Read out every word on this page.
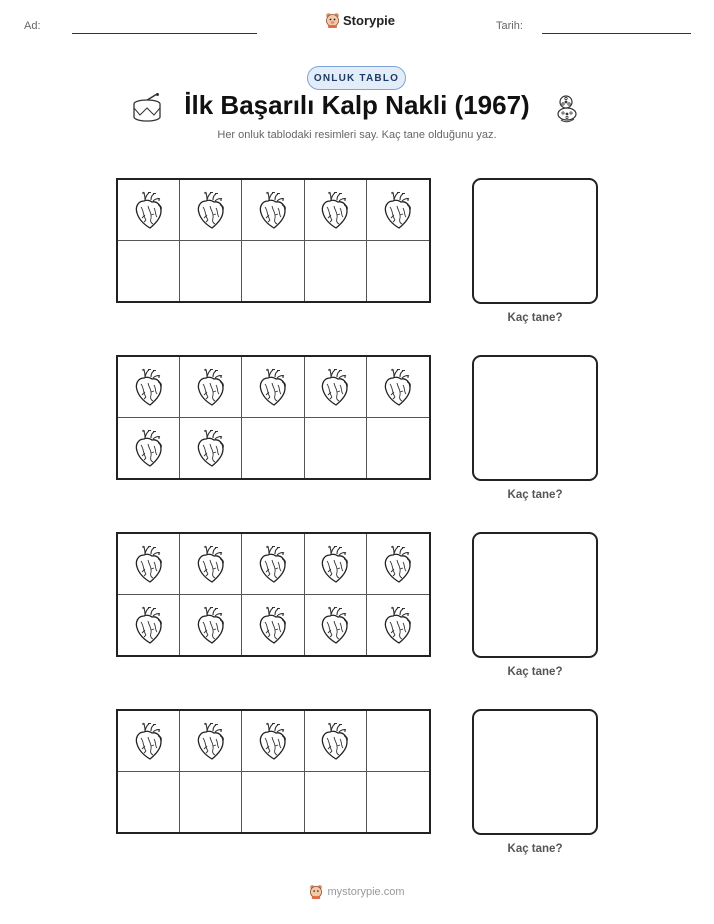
Ad:	Tarih:
Storypie
ONLUK TABLO
İlk Başarılı Kalp Nakli (1967)
Her onluk tablodaki resimleri say. Kaç tane olduğunu yaz.
Kaç tane?
Kaç tane?
Kaç tane?
Kaç tane?
mystorypie.com
